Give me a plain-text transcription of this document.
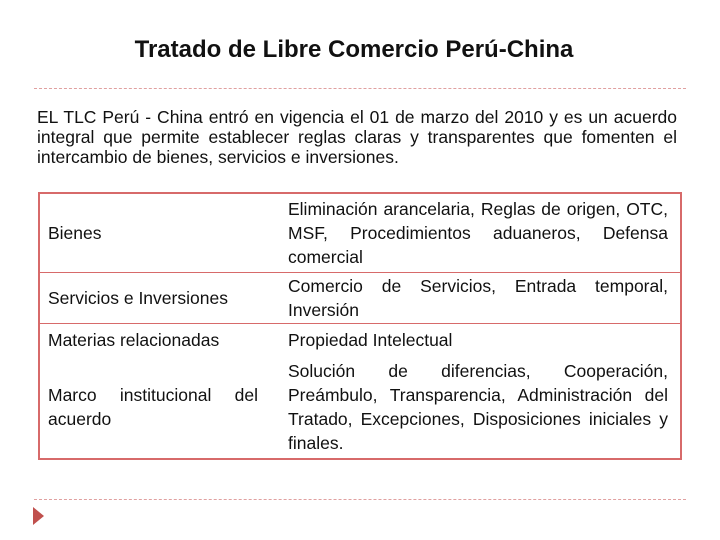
Tratado de Libre Comercio Perú-China

EL TLC Perú - China entró en vigencia el 01 de marzo del 2010 y es un acuerdo integral que permite establecer reglas claras y transparentes que fomenten el intercambio de bienes, servicios e inversiones.

Bienes	Eliminación arancelaria, Reglas de origen, OTC, MSF, Procedimientos aduaneros, Defensa comercial
Servicios e Inversiones	Comercio de Servicios, Entrada temporal, Inversión
Materias relacionadas	Propiedad Intelectual
Marco institucional del acuerdo	Solución de diferencias, Cooperación, Preámbulo, Transparencia, Administración del Tratado, Excepciones, Disposiciones iniciales y finales.
